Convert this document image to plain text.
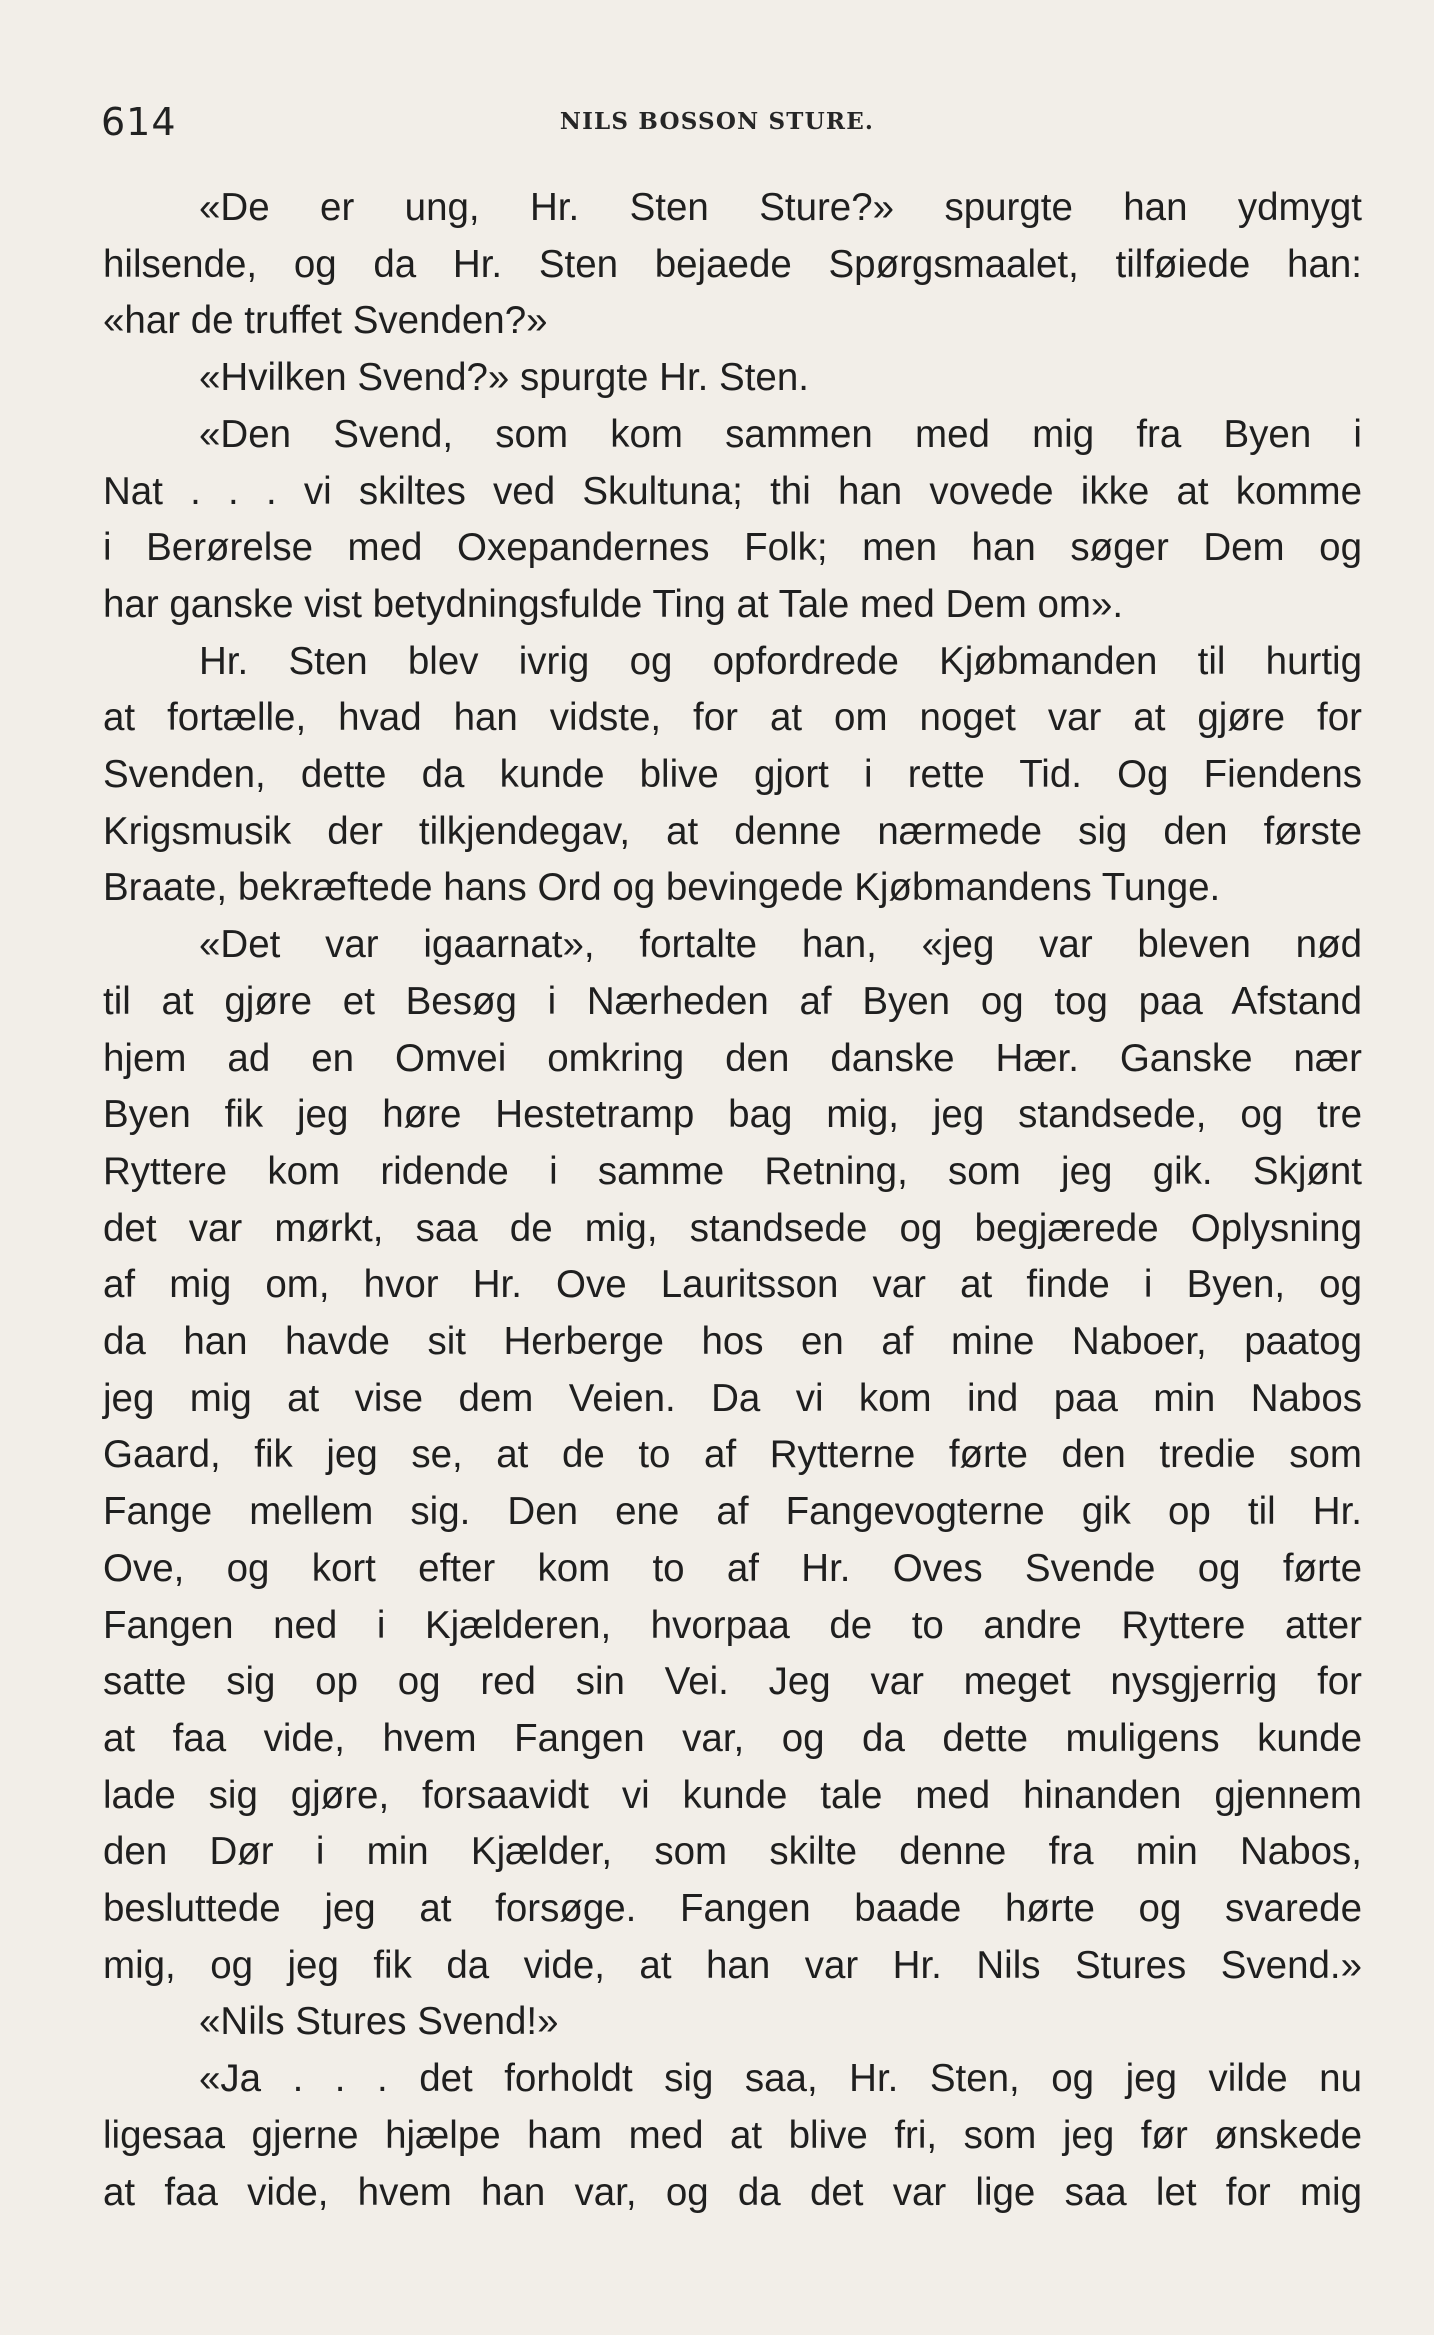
614	NILS BOSSON STURE.
«De er ung, Hr. Sten Sture?» spurgte han ydmygt
hilsende, og da Hr. Sten bejaede Spørgsmaalet, tilføiede han:
«har de truffet Svenden?»
«Hvilken Svend?» spurgte Hr. Sten.
«Den Svend, som kom sammen med mig fra Byen i
Nat . . . vi skiltes ved Skultuna; thi han vovede ikke at komme
i Berørelse med Oxepandernes Folk; men han søger Dem og
har ganske vist betydningsfulde Ting at Tale med Dem om».
Hr. Sten blev ivrig og opfordrede Kjøbmanden til hurtig
at fortælle, hvad han vidste, for at om noget var at gjøre for
Svenden, dette da kunde blive gjort i rette Tid. Og Fiendens
Krigsmusik der tilkjendegav, at denne nærmede sig den første
Braate, bekræftede hans Ord og bevingede Kjøbmandens Tunge.
«Det var igaarnat», fortalte han, «jeg var bleven nød
til at gjøre et Besøg i Nærheden af Byen og tog paa Afstand
hjem ad en Omvei omkring den danske Hær. Ganske nær
Byen fik jeg høre Hestetramp bag mig, jeg standsede, og tre
Ryttere kom ridende i samme Retning, som jeg gik. Skjønt
det var mørkt, saa de mig, standsede og begjærede Oplysning
af mig om, hvor Hr. Ove Lauritsson var at finde i Byen, og
da han havde sit Herberge hos en af mine Naboer, paatog
jeg mig at vise dem Veien. Da vi kom ind paa min Nabos
Gaard, fik jeg se, at de to af Rytterne førte den tredie som
Fange mellem sig. Den ene af Fangevogterne gik op til Hr.
Ove, og kort efter kom to af Hr. Oves Svende og førte
Fangen ned i Kjælderen, hvorpaa de to andre Ryttere atter
satte sig op og red sin Vei. Jeg var meget nysgjerrig for
at faa vide, hvem Fangen var, og da dette muligens kunde
lade sig gjøre, forsaavidt vi kunde tale med hinanden gjennem
den Dør i min Kjælder, som skilte denne fra min Nabos,
besluttede jeg at forsøge. Fangen baade hørte og svarede
mig, og jeg fik da vide, at han var Hr. Nils Stures Svend.»
«Nils Stures Svend!»
«Ja . . . det forholdt sig saa, Hr. Sten, og jeg vilde nu
ligesaa gjerne hjælpe ham med at blive fri, som jeg før ønskede
at faa vide, hvem han var, og da det var lige saa let for mig
